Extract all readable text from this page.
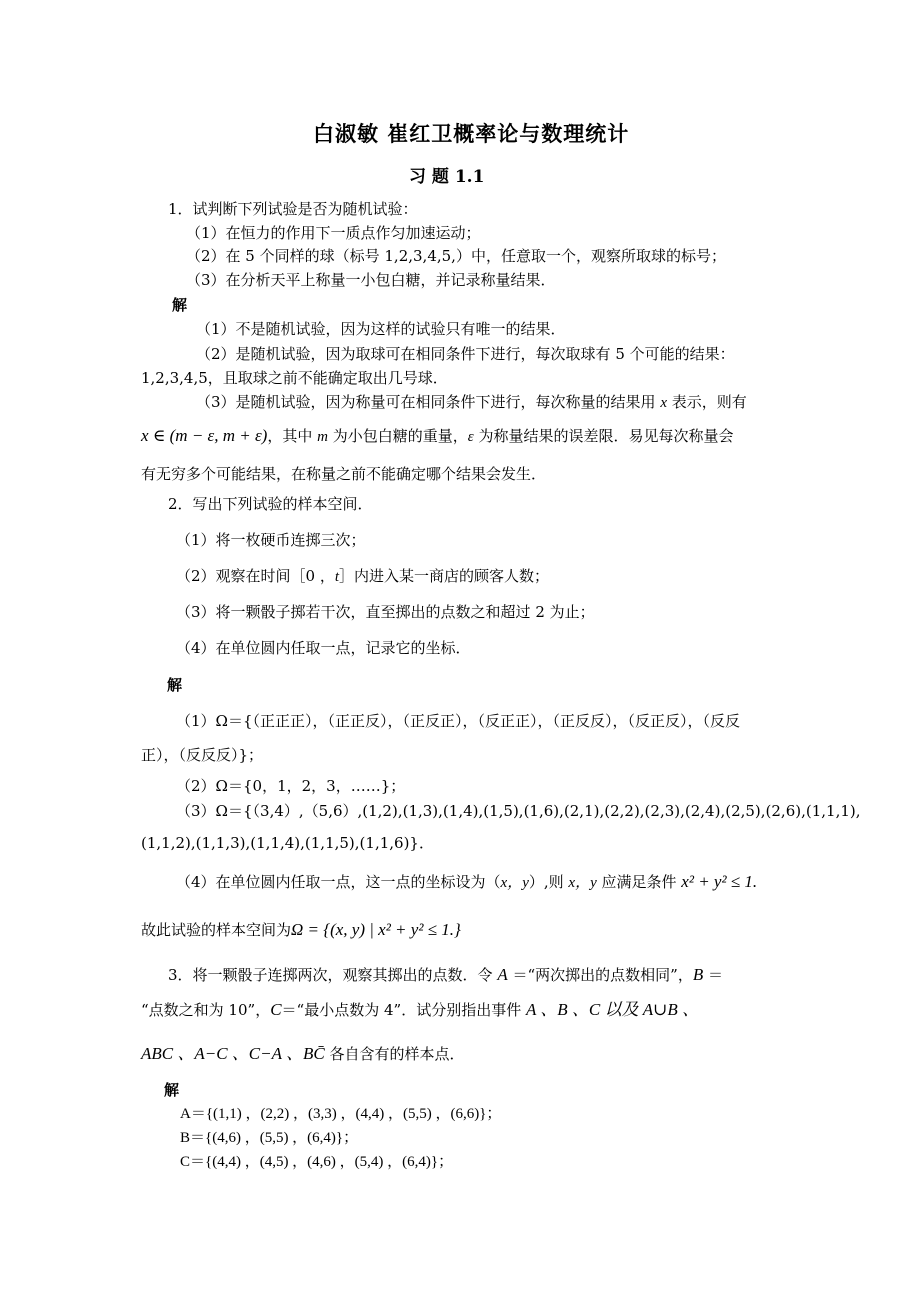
白淑敏 崔红卫概率论与数理统计
习 题 1.1
1．试判断下列试验是否为随机试验：
（1）在恒力的作用下一质点作匀加速运动；
（2）在 5 个同样的球（标号 1,2,3,4,5,）中，任意取一个，观察所取球的标号；
（3）在分析天平上称量一小包白糖，并记录称量结果．
解
（1）不是随机试验，因为这样的试验只有唯一的结果．
（2）是随机试验，因为取球可在相同条件下进行，每次取球有 5 个可能的结果：
1,2,3,4,5，且取球之前不能确定取出几号球．
（3）是随机试验，因为称量可在相同条件下进行，每次称量的结果用 x 表示，则有
x ∈ (m − ε, m + ε)，其中 m 为小包白糖的重量，ε 为称量结果的误差限．易见每次称量会
有无穷多个可能结果，在称量之前不能确定哪个结果会发生．
2．写出下列试验的样本空间．
（1）将一枚硬币连掷三次；
（2）观察在时间［0 ，t］内进入某一商店的顾客人数；
（3）将一颗骰子掷若干次，直至掷出的点数之和超过 2 为止；
（4）在单位圆内任取一点，记录它的坐标．
解
（1）Ω＝{（正正正），（正正反），（正反正），（反正正），（正反反），（反正反），（反反
正），（反反反）}；
（2）Ω＝{0，1，2，3，……}；
（3）Ω＝{（3,4）,（5,6）,(1,2),(1,3),(1,4),(1,5),(1,6),(2,1),(2,2),(2,3),(2,4),(2,5),(2,6),(1,1,1),
(1,1,2),(1,1,3),(1,1,4),(1,1,5),(1,1,6)}．
（4）在单位圆内任取一点，这一点的坐标设为（x，y）,则 x，y 应满足条件 x² + y² ≤ 1.
故此试验的样本空间为Ω = {(x, y) | x² + y² ≤ 1.}
3．将一颗骰子连掷两次，观察其掷出的点数．令 A ＝“两次掷出的点数相同”，B ＝
“点数之和为 10”，C＝“最小点数为 4”．试分别指出事件 A 、B 、C 以及 A∪B 、
ABC 、A−C 、C−A 、BC̄ 各自含有的样本点．
解
A＝{(1,1) ，(2,2) ，(3,3) ，(4,4) ，(5,5) ，(6,6)}；
B＝{(4,6) ，(5,5) ，(6,4)}；
C＝{(4,4) ，(4,5) ，(4,6) ，(5,4) ，(6,4)}；
